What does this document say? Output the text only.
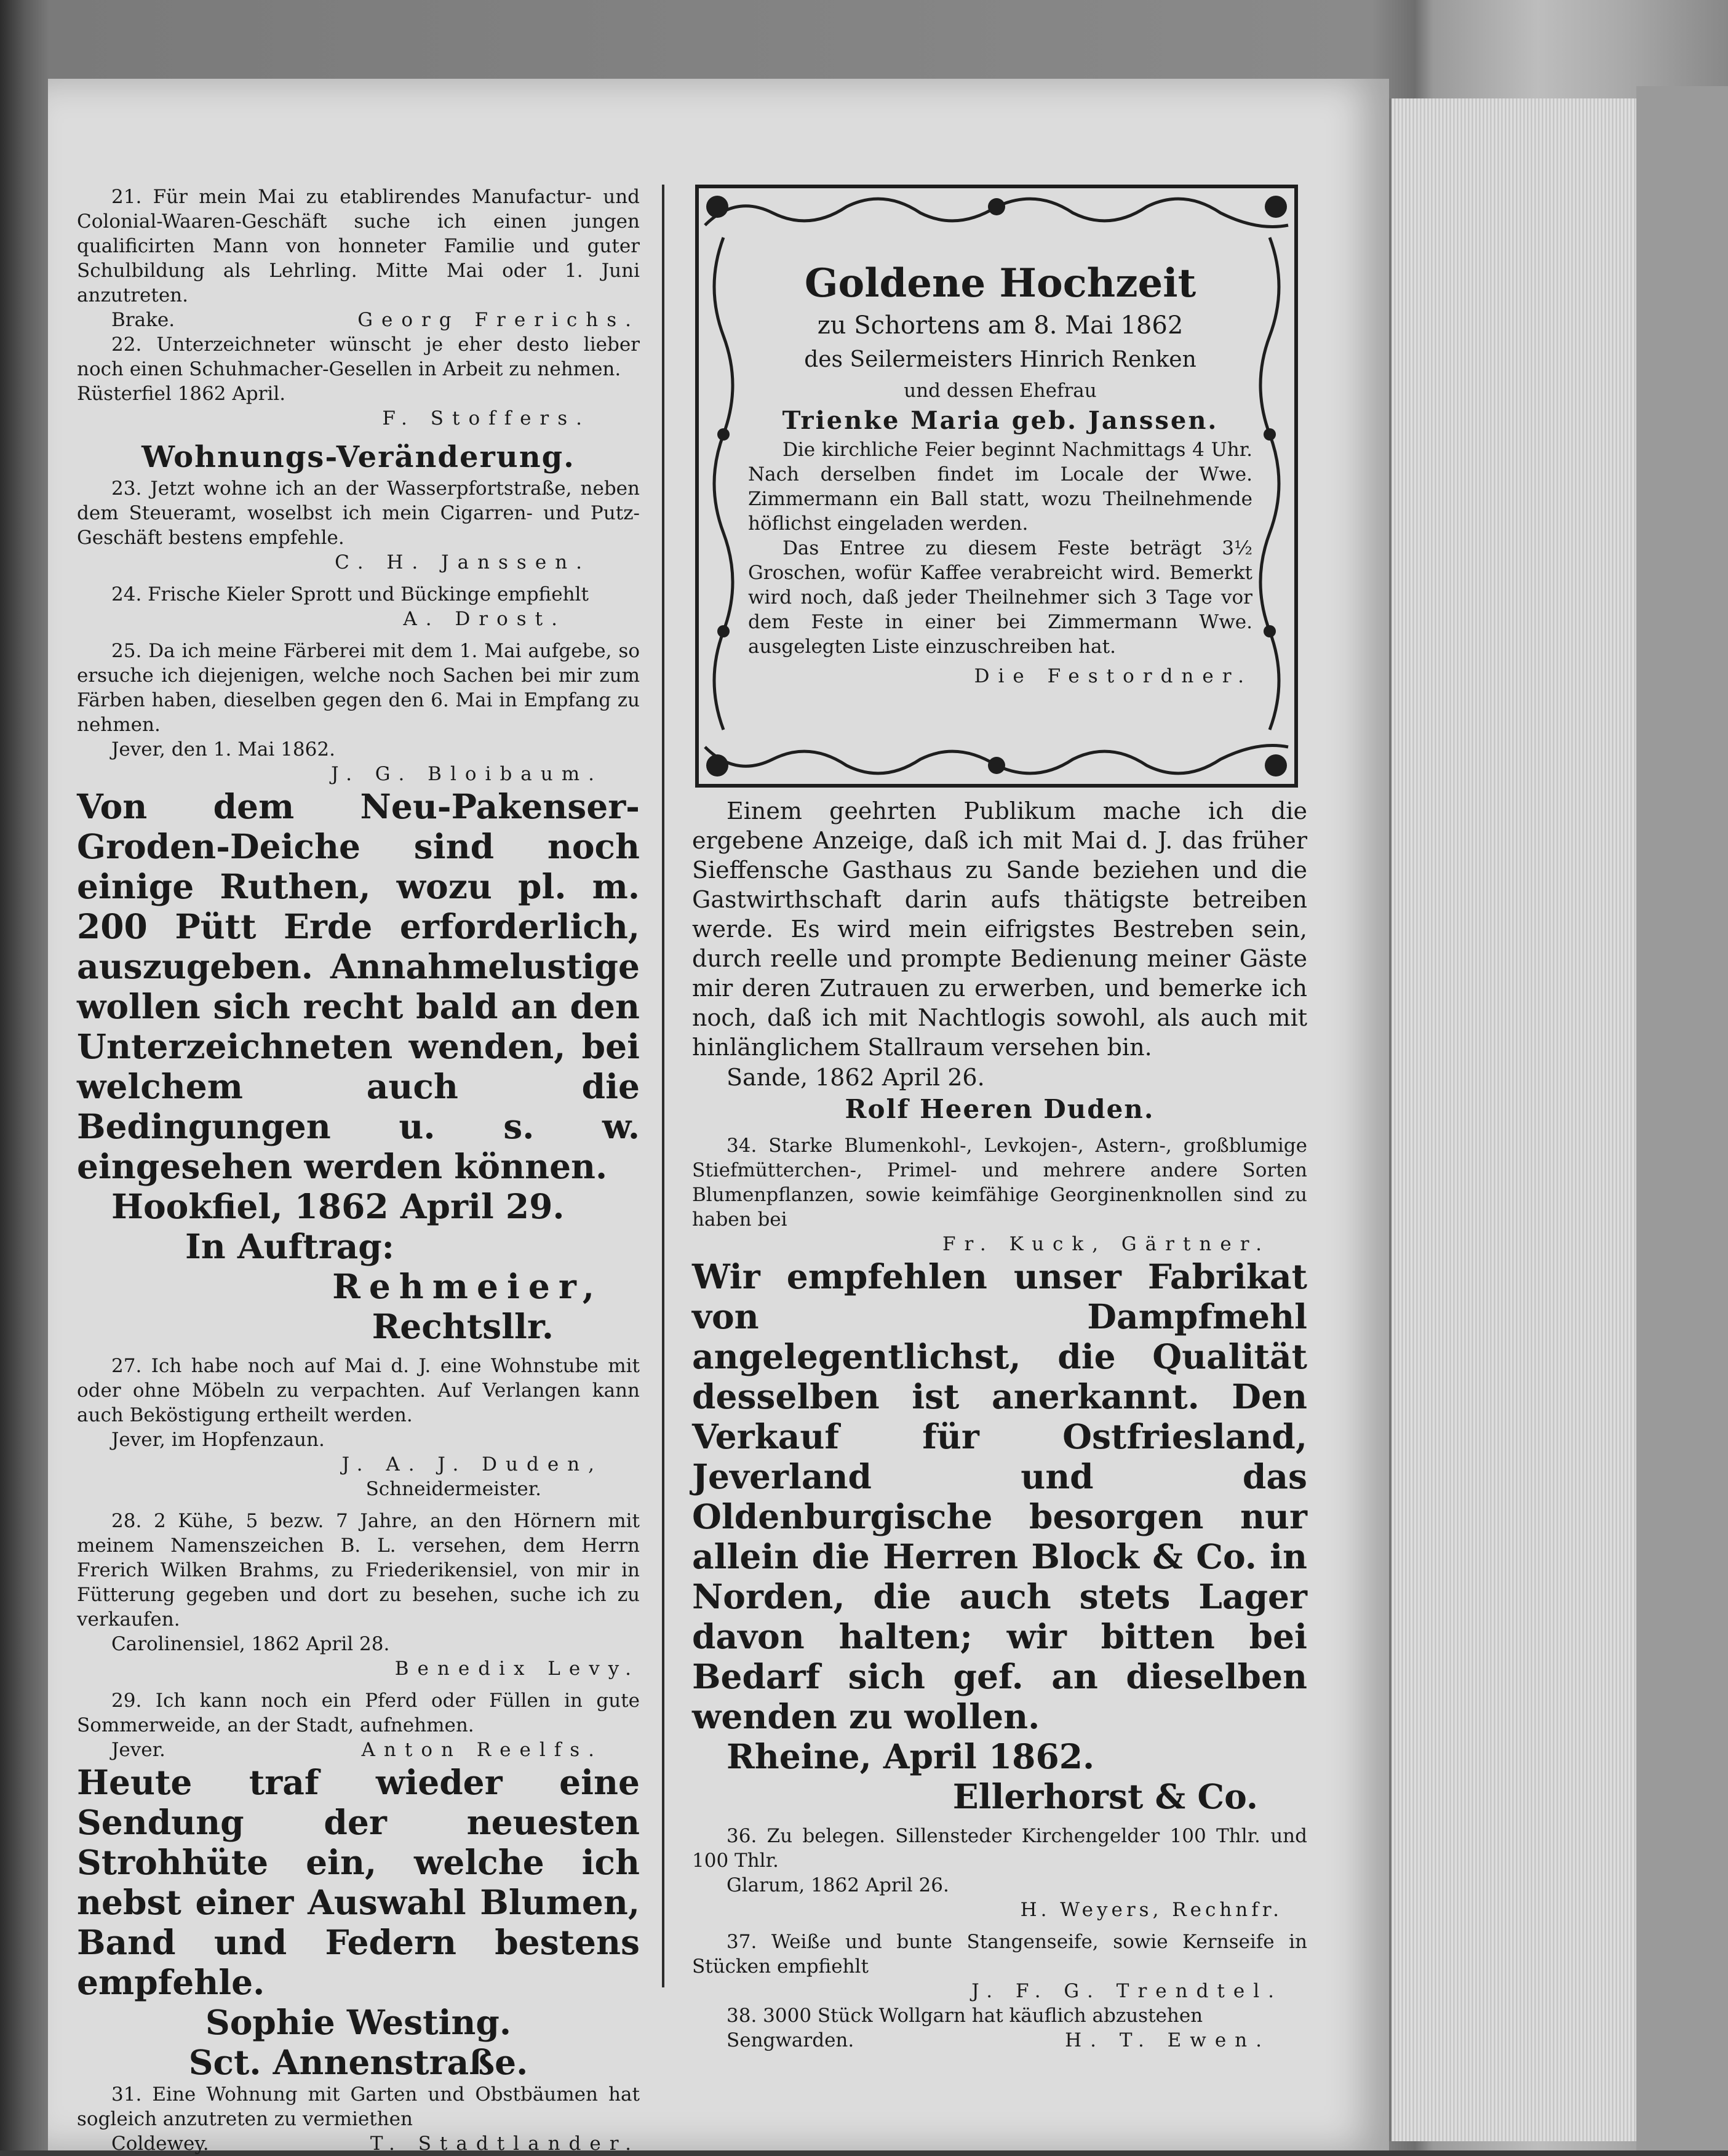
21. Für mein Mai zu etablirendes Manufactur- und Colonial-Waaren-Geschäft suche ich einen jungen qualificirten Mann von honneter Familie und guter Schulbildung als Lehrling. Mitte Mai oder 1. Juni anzutreten.

Brake.	Georg Frerichs.

22. Unterzeichneter wünscht je eher desto lieber noch einen Schuhmacher-Gesellen in Arbeit zu nehmen.

Rüsterfiel 1862 April.

F. Stoffers.

Wohnungs-Veränderung.

23. Jetzt wohne ich an der Wasserpfortstraße, neben dem Steueramt, woselbst ich mein Cigarren- und Putz-Geschäft bestens empfehle.

C. H. Janssen.

24. Frische Kieler Sprott und Bückinge empfiehlt

A. Drost.

25. Da ich meine Färberei mit dem 1. Mai aufgebe, so ersuche ich diejenigen, welche noch Sachen bei mir zum Färben haben, dieselben gegen den 6. Mai in Empfang zu nehmen.

Jever, den 1. Mai 1862.

J. G. Bloibaum.

Von dem Neu-Pakenser-Groden-Deiche sind noch einige Ruthen, wozu pl. m. 200 Pütt Erde erforderlich, auszugeben. Annahmelustige wollen sich recht bald an den Unterzeichneten wenden, bei welchem auch die Bedingungen u. s. w. eingesehen werden können.

Hookfiel, 1862 April 29.

In Auftrag:

Rehmeier,

Rechtsllr.

27. Ich habe noch auf Mai d. J. eine Wohnstube mit oder ohne Möbeln zu verpachten. Auf Verlangen kann auch Beköstigung ertheilt werden.

Jever, im Hopfenzaun.

J. A. J. Duden,

Schneidermeister.

28. 2 Kühe, 5 bezw. 7 Jahre, an den Hörnern mit meinem Namenszeichen B. L. versehen, dem Herrn Frerich Wilken Brahms, zu Friederikensiel, von mir in Fütterung gegeben und dort zu besehen, suche ich zu verkaufen.

Carolinensiel, 1862 April 28.

Benedix Levy.

29. Ich kann noch ein Pferd oder Füllen in gute Sommerweide, an der Stadt, aufnehmen.

Jever.	Anton Reelfs.

Heute traf wieder eine Sendung der neuesten Strohhüte ein, welche ich nebst einer Auswahl Blumen, Band und Federn bestens empfehle.

Sophie Westing.

Sct. Annenstraße.

31. Eine Wohnung mit Garten und Obstbäumen hat sogleich anzutreten zu vermiethen

Coldewey.	T. Stadtlander.

Goldene Hochzeit

zu Schortens am 8. Mai 1862

des Seilermeisters Hinrich Renken

und dessen Ehefrau

Trienke Maria geb. Janssen.

Die kirchliche Feier beginnt Nachmittags 4 Uhr. Nach derselben findet im Locale der Wwe. Zimmermann ein Ball statt, wozu Theilnehmende höflichst eingeladen werden.

Das Entree zu diesem Feste beträgt 3½ Groschen, wofür Kaffee verabreicht wird. Bemerkt wird noch, daß jeder Theilnehmer sich 3 Tage vor dem Feste in einer bei Zimmermann Wwe. ausgelegten Liste einzuschreiben hat.

Die Festordner.

Einem geehrten Publikum mache ich die ergebene Anzeige, daß ich mit Mai d. J. das früher Sieffensche Gasthaus zu Sande beziehen und die Gastwirthschaft darin aufs thätigste betreiben werde. Es wird mein eifrigstes Bestreben sein, durch reelle und prompte Bedienung meiner Gäste mir deren Zutrauen zu erwerben, und bemerke ich noch, daß ich mit Nachtlogis sowohl, als auch mit hinlänglichem Stallraum versehen bin.

Sande, 1862 April 26.

Rolf Heeren Duden.

34. Starke Blumenkohl-, Levkojen-, Astern-, großblumige Stiefmütterchen-, Primel- und mehrere andere Sorten Blumenpflanzen, sowie keimfähige Georginenknollen sind zu haben bei

Fr. Kuck, Gärtner.

Wir empfehlen unser Fabrikat von Dampfmehl angelegentlichst, die Qualität desselben ist anerkannt. Den Verkauf für Ostfriesland, Jeverland und das Oldenburgische besorgen nur allein die Herren Block & Co. in Norden, die auch stets Lager davon halten; wir bitten bei Bedarf sich gef. an dieselben wenden zu wollen.

Rheine, April 1862.

Ellerhorst & Co.

36. Zu belegen. Sillensteder Kirchengelder 100 Thlr. und 100 Thlr.

Glarum, 1862 April 26.

H. Weyers, Rechnfr.

37. Weiße und bunte Stangenseife, sowie Kernseife in Stücken empfiehlt

J. F. G. Trendtel.

38. 3000 Stück Wollgarn hat käuflich abzustehen

Sengwarden.	H. T. Ewen.
